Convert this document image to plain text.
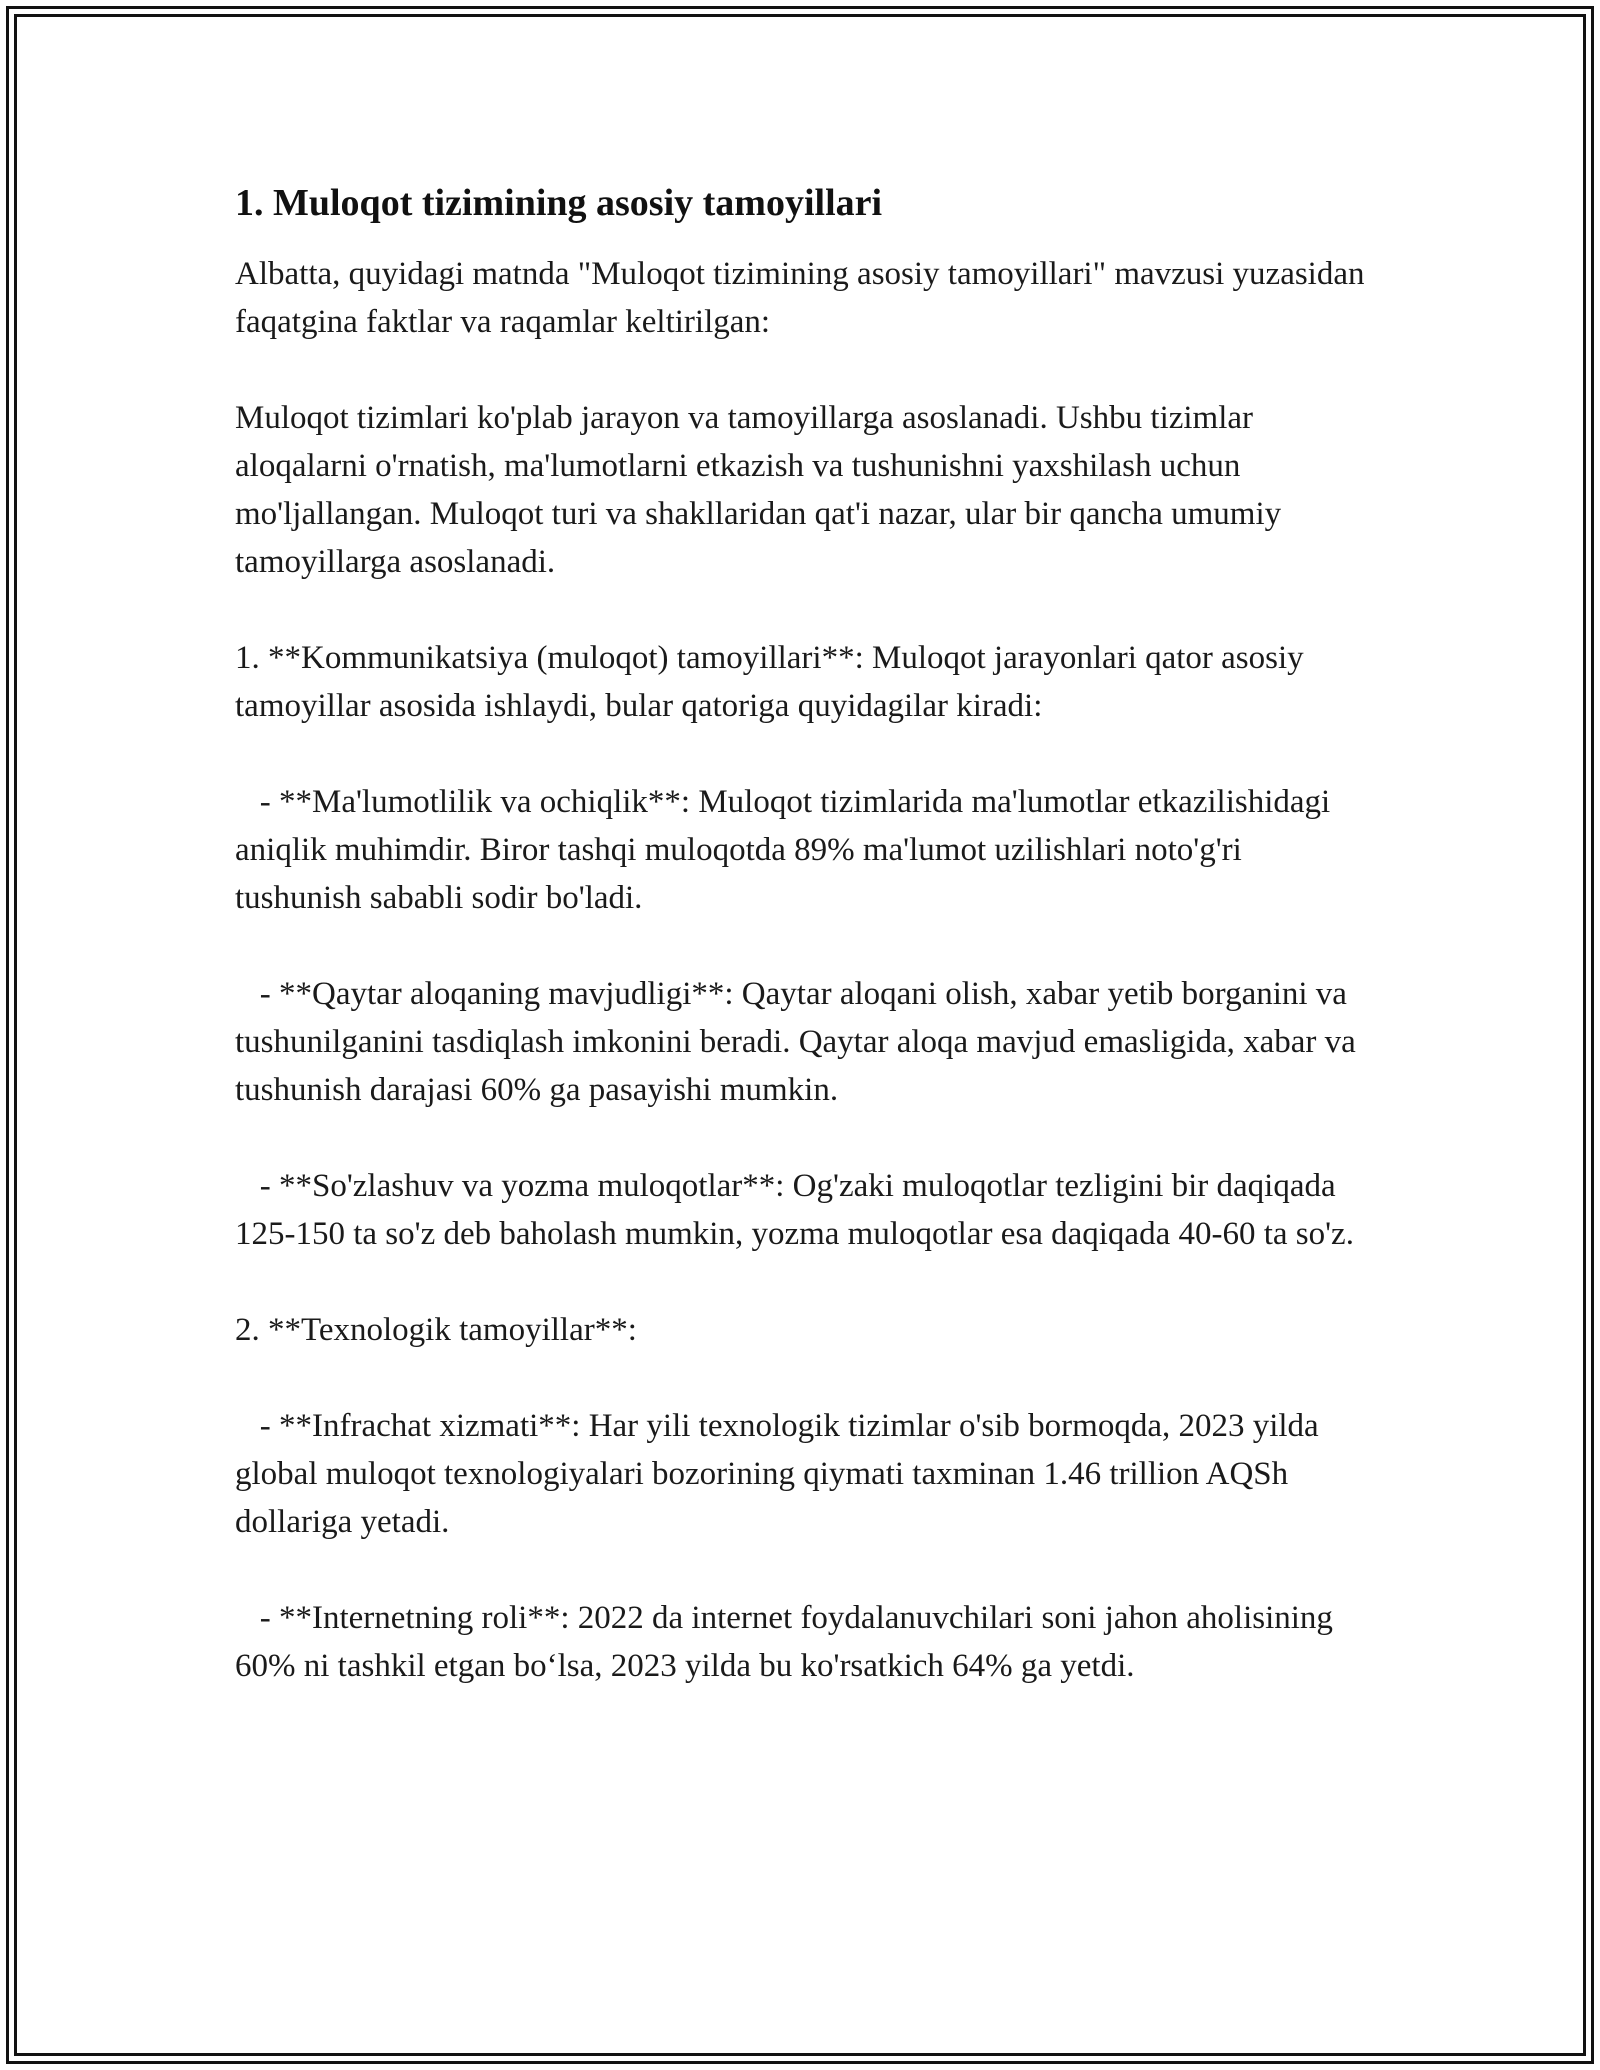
1. Muloqot tizimining asosiy tamoyillari

Albatta, quyidagi matnda "Muloqot tizimining asosiy tamoyillari" mavzusi yuzasidan faqatgina faktlar va raqamlar keltirilgan:

Muloqot tizimlari ko'plab jarayon va tamoyillarga asoslanadi. Ushbu tizimlar aloqalarni o'rnatish, ma'lumotlarni etkazish va tushunishni yaxshilash uchun mo'ljallangan. Muloqot turi va shakllaridan qat'i nazar, ular bir qancha umumiy tamoyillarga asoslanadi.

1. **Kommunikatsiya (muloqot) tamoyillari**: Muloqot jarayonlari qator asosiy tamoyillar asosida ishlaydi, bular qatoriga quyidagilar kiradi:

- **Ma'lumotlilik va ochiqlik**: Muloqot tizimlarida ma'lumotlar etkazilishidagi aniqlik muhimdir. Biror tashqi muloqotda 89% ma'lumot uzilishlari noto'g'ri tushunish sababli sodir bo'ladi.

- **Qaytar aloqaning mavjudligi**: Qaytar aloqani olish, xabar yetib borganini va tushunilganini tasdiqlash imkonini beradi. Qaytar aloqa mavjud emasligida, xabar va tushunish darajasi 60% ga pasayishi mumkin.

- **So'zlashuv va yozma muloqotlar**: Og'zaki muloqotlar tezligini bir daqiqada 125-150 ta so'z deb baholash mumkin, yozma muloqotlar esa daqiqada 40-60 ta so'z.

2. **Texnologik tamoyillar**:

- **Infrachat xizmati**: Har yili texnologik tizimlar o'sib bormoqda, 2023 yilda global muloqot texnologiyalari bozorining qiymati taxminan 1.46 trillion AQSh dollariga yetadi.

- **Internetning roli**: 2022 da internet foydalanuvchilari soni jahon aholisining 60% ni tashkil etgan bo‘lsa, 2023 yilda bu ko'rsatkich 64% ga yetdi.
